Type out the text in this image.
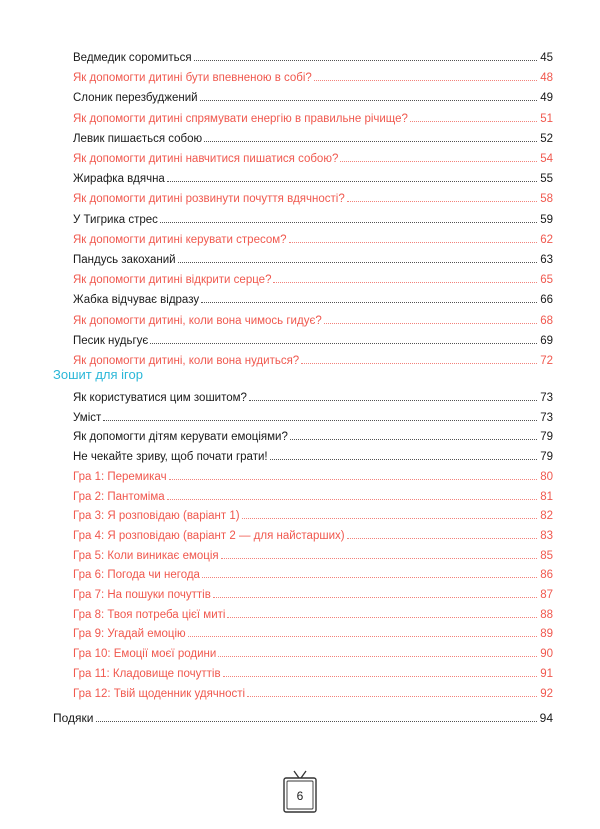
Ведмедик соромиться	45
Як допомогти дитині бути впевненою в собі?	48
Слоник перезбуджений	49
Як допомогти дитині спрямувати енергію в правильне річище?	51
Левик пишається собою	52
Як допомогти дитині навчитися пишатися собою?	54
Жирафка вдячна	55
Як допомогти дитині розвинути почуття вдячності?	58
У Тигрика стрес	59
Як допомогти дитині керувати стресом?	62
Пандусь закоханий	63
Як допомогти дитині відкрити серце?	65
Жабка відчуває відразу	66
Як допомогти дитині, коли вона чимось гидує?	68
Песик нудьгує	69
Як допомогти дитині, коли вона нудиться?	72
Зошит для ігор
Як користуватися цим зошитом?	73
Уміст	73
Як допомогти дітям керувати емоціями?	79
Не чекайте зриву, щоб почати грати!	79
Гра 1: Перемикач	80
Гра 2: Пантоміма	81
Гра 3: Я розповідаю (варіант 1)	82
Гра 4: Я розповідаю (варіант 2 — для найстарших)	83
Гра 5: Коли виникає емоція	85
Гра 6: Погода чи негода	86
Гра 7: На пошуки почуттів	87
Гра 8: Твоя потреба цієї миті	88
Гра 9: Угадай емоцію	89
Гра 10: Емоції моєї родини	90
Гра 11: Кладовище почуттів	91
Гра 12: Твій щоденник удячності	92
Подяки	94
6
